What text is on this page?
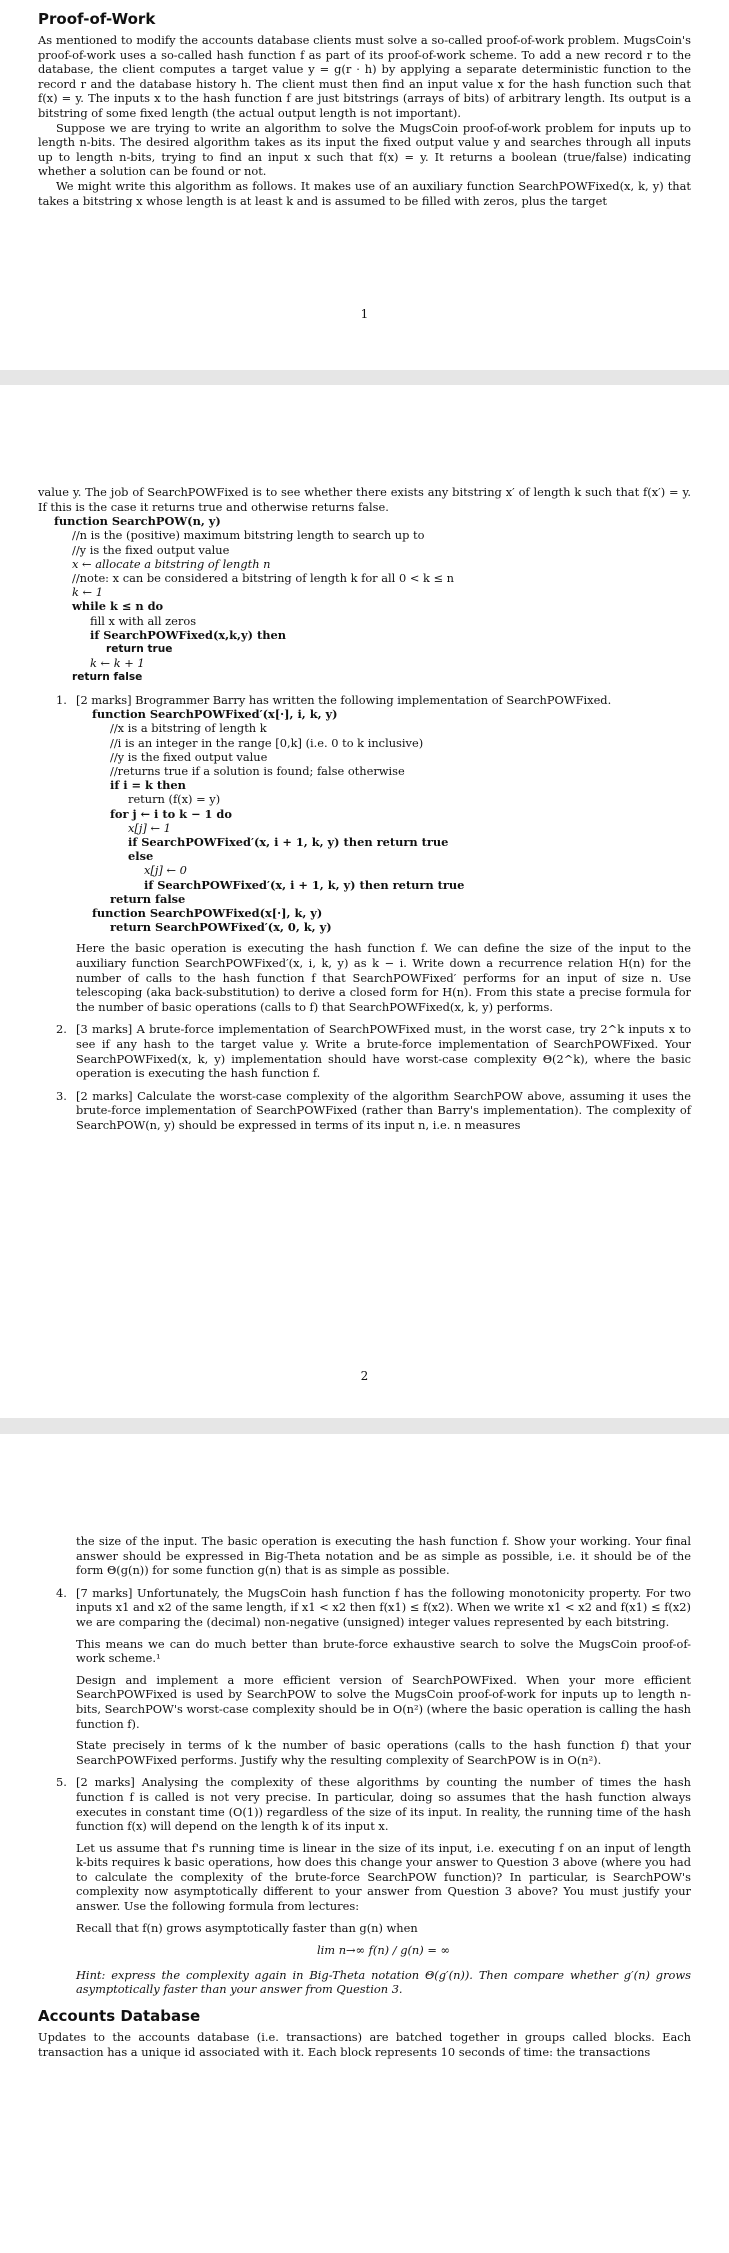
Proof-of-Work

As mentioned to modify the accounts database clients must solve a so-called proof-of-work problem. MugsCoin's proof-of-work uses a so-called hash function f as part of its proof-of-work scheme. To add a new record r to the database, the client computes a target value y = g(r · h) by applying a separate deterministic function to the record r and the database history h. The client must then find an input value x for the hash function such that f(x) = y. The inputs x to the hash function f are just bitstrings (arrays of bits) of arbitrary length. Its output is a bitstring of some fixed length (the actual output length is not important).

Suppose we are trying to write an algorithm to solve the MugsCoin proof-of-work problem for inputs up to length n-bits. The desired algorithm takes as its input the fixed output value y and searches through all inputs up to length n-bits, trying to find an input x such that f(x) = y. It returns a boolean (true/false) indicating whether a solution can be found or not.

We might write this algorithm as follows. It makes use of an auxiliary function SearchPOWFixed(x, k, y) that takes a bitstring x whose length is at least k and is assumed to be filled with zeros, plus the target

1

value y. The job of SearchPOWFixed is to see whether there exists any bitstring x′ of length k such that f(x′) = y. If this is the case it returns true and otherwise returns false.

function SearchPOW(n, y)
//n is the (positive) maximum bitstring length to search up to
//y is the fixed output value
x ← allocate a bitstring of length n
//note: x can be considered a bitstring of length k for all 0 < k ≤ n
k ← 1
while k ≤ n do
fill x with all zeros
if SearchPOWFixed(x,k,y) then
return true
k ← k + 1
return false
1. [2 marks] Brogrammer Barry has written the following implementation of SearchPOWFixed.

function SearchPOWFixed′(x[·], i, k, y)
//x is a bitstring of length k
//i is an integer in the range [0,k] (i.e. 0 to k inclusive)
//y is the fixed output value
//returns true if a solution is found; false otherwise
if i = k then
return (f(x) = y)
for j ← i to k − 1 do
x[j] ← 1
if SearchPOWFixed′(x, i + 1, k, y) then return true
else
x[j] ← 0
if SearchPOWFixed′(x, i + 1, k, y) then return true
return false
function SearchPOWFixed(x[·], k, y)
return SearchPOWFixed′(x, 0, k, y)

Here the basic operation is executing the hash function f. We can define the size of the input to the auxiliary function SearchPOWFixed′(x, i, k, y) as k − i. Write down a recurrence relation H(n) for the number of calls to the hash function f that SearchPOWFixed′ performs for an input of size n. Use telescoping (aka back-substitution) to derive a closed form for H(n). From this state a precise formula for the number of basic operations (calls to f) that SearchPOWFixed(x, k, y) performs.

2. [3 marks] A brute-force implementation of SearchPOWFixed must, in the worst case, try 2^k inputs x to see if any hash to the target value y. Write a brute-force implementation of SearchPOWFixed. Your SearchPOWFixed(x, k, y) implementation should have worst-case complexity Θ(2^k), where the basic operation is executing the hash function f.

3. [2 marks] Calculate the worst-case complexity of the algorithm SearchPOW above, assuming it uses the brute-force implementation of SearchPOWFixed (rather than Barry's implementation). The complexity of SearchPOW(n, y) should be expressed in terms of its input n, i.e. n measures

2

the size of the input. The basic operation is executing the hash function f. Show your working. Your final answer should be expressed in Big-Theta notation and be as simple as possible, i.e. it should be of the form Θ(g(n)) for some function g(n) that is as simple as possible.

4. [7 marks] Unfortunately, the MugsCoin hash function f has the following monotonicity property. For two inputs x1 and x2 of the same length, if x1 < x2 then f(x1) ≤ f(x2). When we write x1 < x2 and f(x1) ≤ f(x2) we are comparing the (decimal) non-negative (unsigned) integer values represented by each bitstring.

This means we can do much better than brute-force exhaustive search to solve the MugsCoin proof-of-work scheme.¹

Design and implement a more efficient version of SearchPOWFixed. When your more efficient SearchPOWFixed is used by SearchPOW to solve the MugsCoin proof-of-work for inputs up to length n-bits, SearchPOW's worst-case complexity should be in O(n²) (where the basic operation is calling the hash function f).

State precisely in terms of k the number of basic operations (calls to the hash function f) that your SearchPOWFixed performs. Justify why the resulting complexity of SearchPOW is in O(n²).

5. [2 marks] Analysing the complexity of these algorithms by counting the number of times the hash function f is called is not very precise. In particular, doing so assumes that the hash function always executes in constant time (O(1)) regardless of the size of its input. In reality, the running time of the hash function f(x) will depend on the length k of its input x.

Let us assume that f's running time is linear in the size of its input, i.e. executing f on an input of length k-bits requires k basic operations, how does this change your answer to Question 3 above (where you had to calculate the complexity of the brute-force SearchPOW function)? In particular, is SearchPOW's complexity now asymptotically different to your answer from Question 3 above? You must justify your answer. Use the following formula from lectures:

Recall that f(n) grows asymptotically faster than g(n) when

lim n→∞ f(n) / g(n) = ∞

Hint: express the complexity again in Big-Theta notation Θ(g′(n)). Then compare whether g′(n) grows asymptotically faster than your answer from Question 3.

Accounts Database

Updates to the accounts database (i.e. transactions) are batched together in groups called blocks. Each transaction has a unique id associated with it. Each block represents 10 seconds of time: the transactions
